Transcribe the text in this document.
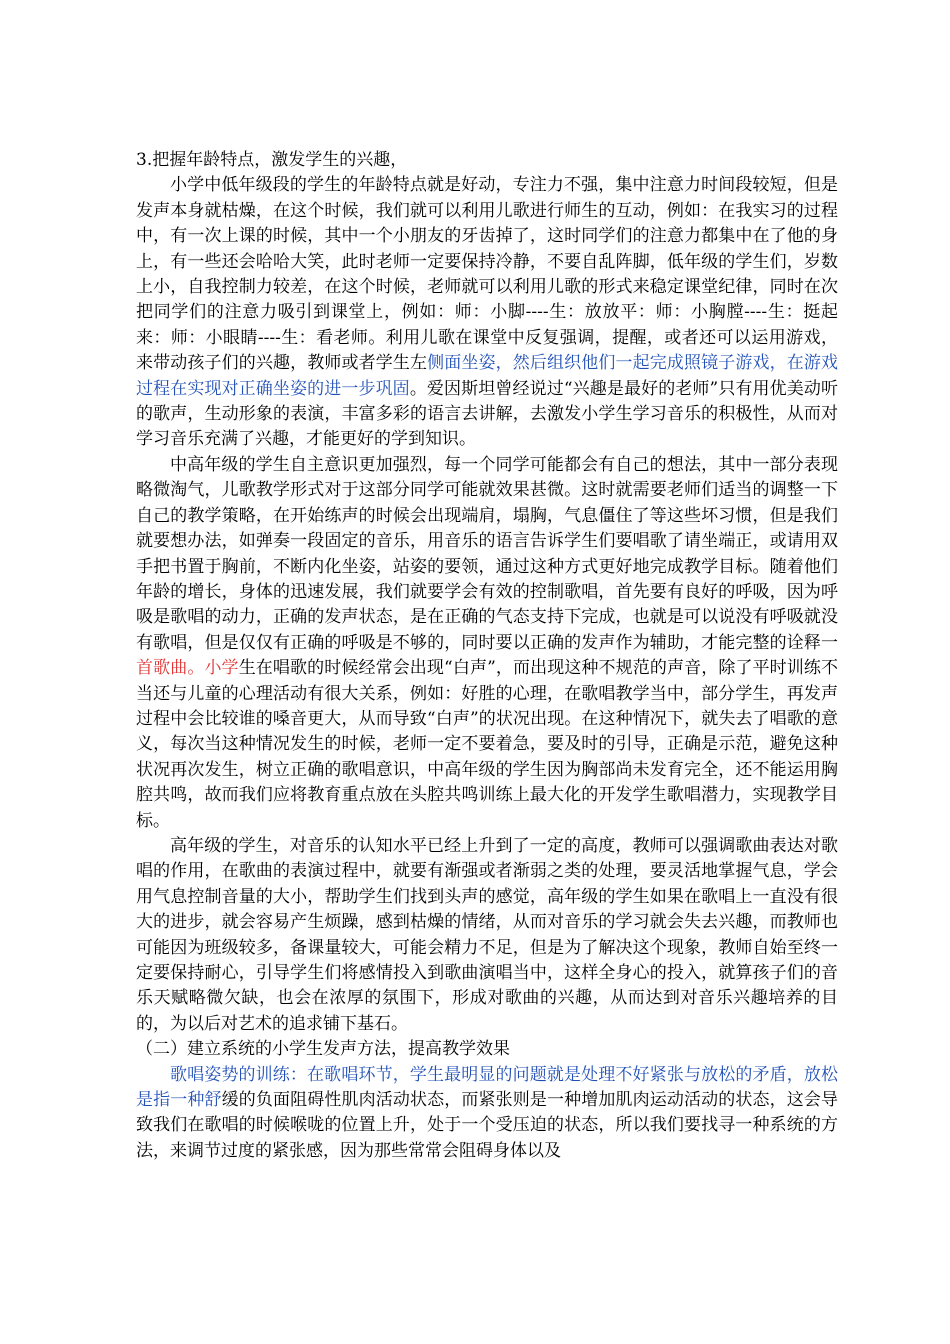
3.把握年龄特点，激发学生的兴趣，

小学中低年级段的学生的年龄特点就是好动，专注力不强，集中注意力时间段较短，但是发声本身就枯燥，在这个时候，我们就可以利用儿歌进行师生的互动，例如：在我实习的过程中，有一次上课的时候，其中一个小朋友的牙齿掉了，这时同学们的注意力都集中在了他的身上，有一些还会哈哈大笑，此时老师一定要保持冷静，不要自乱阵脚，低年级的学生们，岁数上小，自我控制力较差，在这个时候，老师就可以利用儿歌的形式来稳定课堂纪律，同时在次把同学们的注意力吸引到课堂上，例如：师：小脚----生：放放平：师：小胸膛----生：挺起来：师：小眼睛----生：看老师。利用儿歌在课堂中反复强调，提醒，或者还可以运用游戏，来带动孩子们的兴趣，教师或者学生左侧面坐姿，然后组织他们一起完成照镜子游戏，在游戏过程在实现对正确坐姿的进一步巩固。爱因斯坦曾经说过“兴趣是最好的老师”只有用优美动听的歌声，生动形象的表演，丰富多彩的语言去讲解，去激发小学生学习音乐的积极性，从而对学习音乐充满了兴趣，才能更好的学到知识。

中高年级的学生自主意识更加强烈，每一个同学可能都会有自己的想法，其中一部分表现略微淘气，儿歌教学形式对于这部分同学可能就效果甚微。这时就需要老师们适当的调整一下自己的教学策略，在开始练声的时候会出现端肩，塌胸，气息僵住了等这些坏习惯，但是我们就要想办法，如弹奏一段固定的音乐，用音乐的语言告诉学生们要唱歌了请坐端正，或请用双手把书置于胸前，不断内化坐姿，站姿的要领，通过这种方式更好地完成教学目标。随着他们年龄的增长，身体的迅速发展，我们就要学会有效的控制歌唱，首先要有良好的呼吸，因为呼吸是歌唱的动力，正确的发声状态，是在正确的气态支持下完成，也就是可以说没有呼吸就没有歌唱，但是仅仅有正确的呼吸是不够的，同时要以正确的发声作为辅助，才能完整的诠释一首歌曲。小学生在唱歌的时候经常会出现“白声”，而出现这种不规范的声音，除了平时训练不当还与儿童的心理活动有很大关系，例如：好胜的心理，在歌唱教学当中，部分学生，再发声过程中会比较谁的嗓音更大，从而导致“白声”的状况出现。在这种情况下，就失去了唱歌的意义，每次当这种情况发生的时候，老师一定不要着急，要及时的引导，正确是示范，避免这种状况再次发生，树立正确的歌唱意识，中高年级的学生因为胸部尚未发育完全，还不能运用胸腔共鸣，故而我们应将教育重点放在头腔共鸣训练上最大化的开发学生歌唱潜力，实现教学目标。

高年级的学生，对音乐的认知水平已经上升到了一定的高度，教师可以强调歌曲表达对歌唱的作用，在歌曲的表演过程中，就要有渐强或者渐弱之类的处理，要灵活地掌握气息，学会用气息控制音量的大小，帮助学生们找到头声的感觉，高年级的学生如果在歌唱上一直没有很大的进步，就会容易产生烦躁，感到枯燥的情绪，从而对音乐的学习就会失去兴趣，而教师也可能因为班级较多，备课量较大，可能会精力不足，但是为了解决这个现象，教师自始至终一定要保持耐心，引导学生们将感情投入到歌曲演唱当中，这样全身心的投入，就算孩子们的音乐天赋略微欠缺，也会在浓厚的氛围下，形成对歌曲的兴趣，从而达到对音乐兴趣培养的目的，为以后对艺术的追求铺下基石。

（二）建立系统的小学生发声方法，提高教学效果

歌唱姿势的训练：在歌唱环节，学生最明显的问题就是处理不好紧张与放松的矛盾，放松是指一种舒缓的负面阻碍性肌肉活动状态，而紧张则是一种增加肌肉运动活动的状态，这会导致我们在歌唱的时候喉咙的位置上升，处于一个受压迫的状态，所以我们要找寻一种系统的方法，来调节过度的紧张感，因为那些常常会阻碍身体以及
